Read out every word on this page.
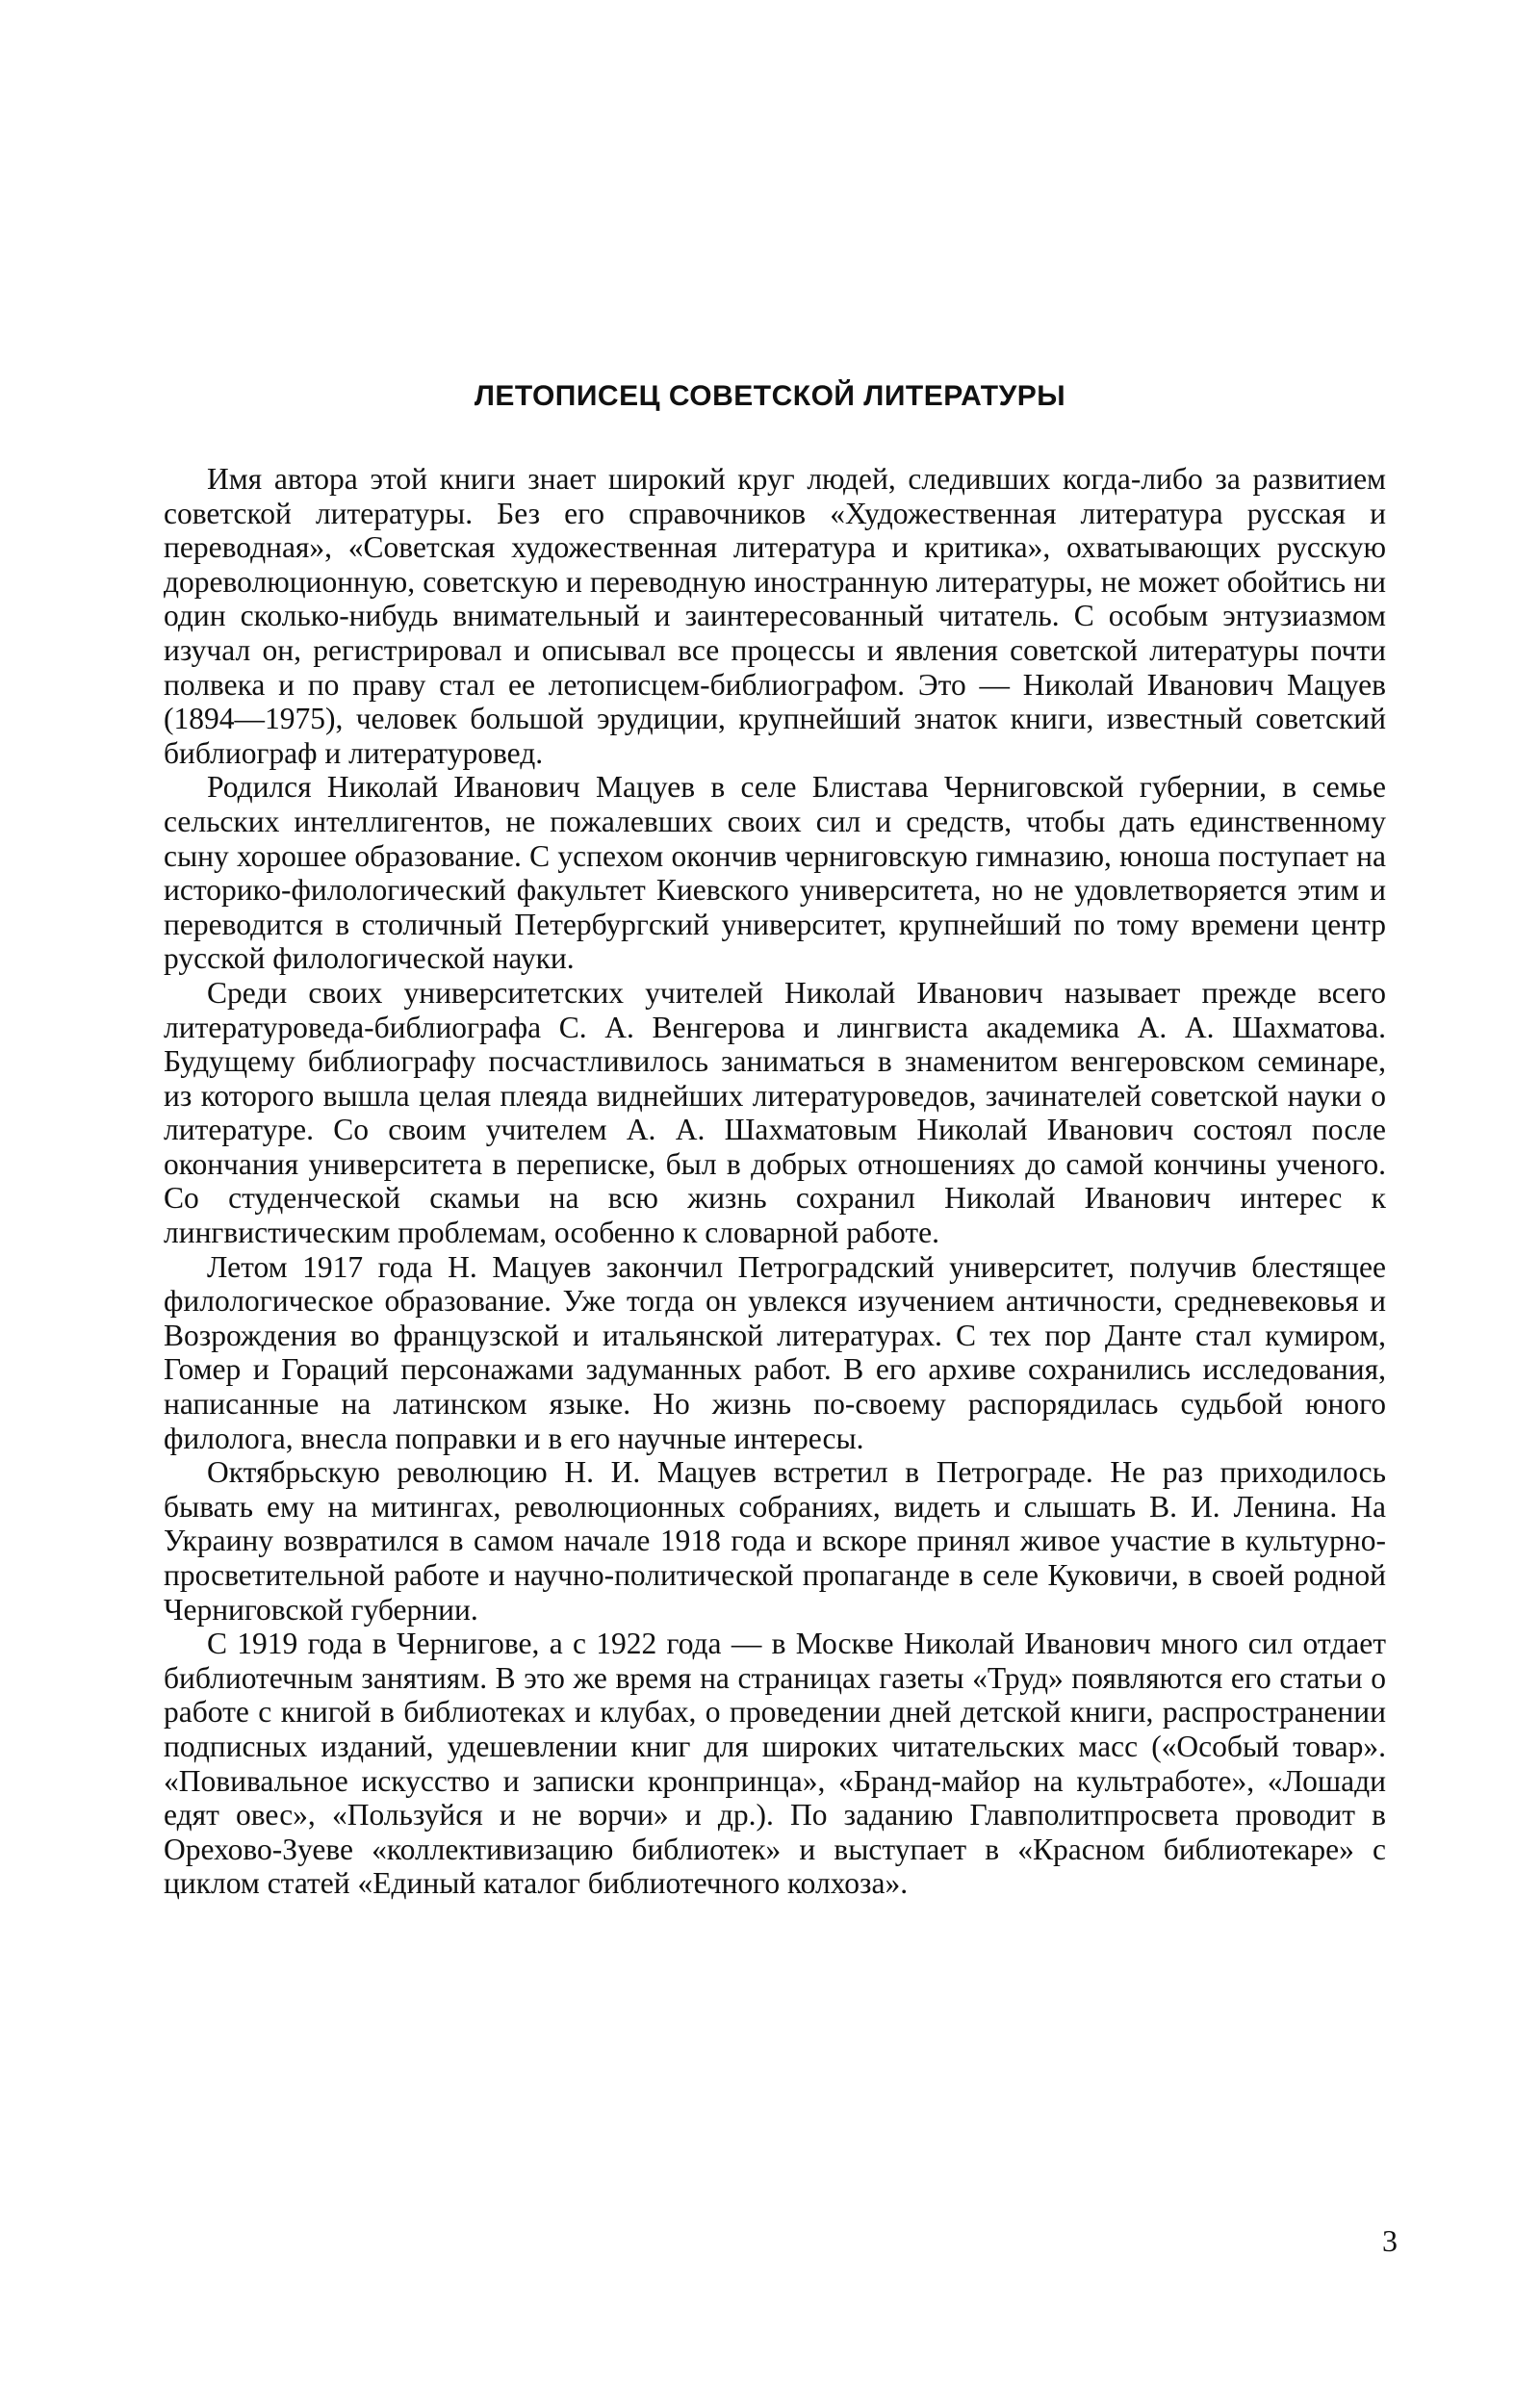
ЛЕТОПИСЕЦ СОВЕТСКОЙ ЛИТЕРАТУРЫ

Имя автора этой книги знает широкий круг людей, следивших когда-либо за развитием советской литературы. Без его справочников «Художественная литература русская и переводная», «Советская художественная литература и критика», охватывающих русскую дореволюционную, советскую и переводную иностранную литературы, не может обойтись ни один сколько-нибудь внимательный и заинтересованный читатель. С особым энтузиазмом изучал он, регистрировал и описывал все процессы и явления советской литературы почти полвека и по праву стал ее летописцем-библиографом. Это — Николай Иванович Мацуев (1894—1975), человек большой эрудиции, крупнейший знаток книги, известный советский библиограф и литературовед.

Родился Николай Иванович Мацуев в селе Блистава Черниговской губернии, в семье сельских интеллигентов, не пожалевших своих сил и средств, чтобы дать единственному сыну хорошее образование. С успехом окончив черниговскую гимназию, юноша поступает на историко-филологический факультет Киевского университета, но не удовлетворяется этим и переводится в столичный Петербургский университет, крупнейший по тому времени центр русской филологической науки.

Среди своих университетских учителей Николай Иванович называет прежде всего литературоведа-библиографа С. А. Венгерова и лингвиста академика А. А. Шахматова. Будущему библиографу посчастливилось заниматься в знаменитом венгеровском семинаре, из которого вышла целая плеяда виднейших литературоведов, зачинателей советской науки о литературе. Со своим учителем А. А. Шахматовым Николай Иванович состоял после окончания университета в переписке, был в добрых отношениях до самой кончины ученого. Со студенческой скамьи на всю жизнь сохранил Николай Иванович интерес к лингвистическим проблемам, особенно к словарной работе.

Летом 1917 года Н. Мацуев закончил Петроградский университет, получив блестящее филологическое образование. Уже тогда он увлекся изучением античности, средневековья и Возрождения во французской и итальянской литературах. С тех пор Данте стал кумиром, Гомер и Гораций персонажами задуманных работ. В его архиве сохранились исследования, написанные на латинском языке. Но жизнь по-своему распорядилась судьбой юного филолога, внесла поправки и в его научные интересы.

Октябрьскую революцию Н. И. Мацуев встретил в Петрограде. Не раз приходилось бывать ему на митингах, революционных собраниях, видеть и слышать В. И. Ленина. На Украину возвратился в самом начале 1918 года и вскоре принял живое участие в культурно-просветительной работе и научно-политической пропаганде в селе Куковичи, в своей родной Черниговской губернии.

С 1919 года в Чернигове, а с 1922 года — в Москве Николай Иванович много сил отдает библиотечным занятиям. В это же время на страницах газеты «Труд» появляются его статьи о работе с книгой в библиотеках и клубах, о проведении дней детской книги, распространении подписных изданий, удешевлении книг для широких читательских масс («Особый товар». «Повивальное искусство и записки кронпринца», «Бранд-майор на культработе», «Лошади едят овес», «Пользуйся и не ворчи» и др.). По заданию Главполитпросвета проводит в Орехово-Зуеве «коллективизацию библиотек» и выступает в «Красном библиотекаре» с циклом статей «Единый каталог библиотечного колхоза».

3
